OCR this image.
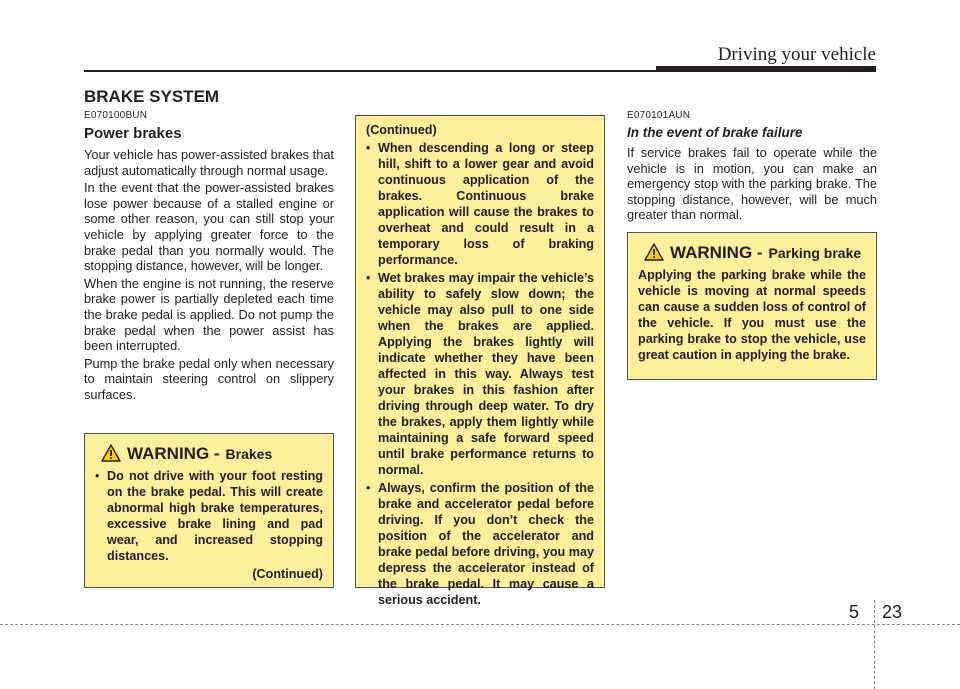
Driving your vehicle
BRAKE SYSTEM
E070100BUN
Power brakes

Your vehicle has power-assisted brakes that adjust automatically through normal usage.

In the event that the power-assisted brakes lose power because of a stalled engine or some other reason, you can still stop your vehicle by applying greater force to the brake pedal than you normally would. The stopping distance, however, will be longer.

When the engine is not running, the reserve brake power is partially depleted each time the brake pedal is applied. Do not pump the brake pedal when the power assist has been interrupted.

Pump the brake pedal only when necessary to maintain steering control on slippery surfaces.

WARNING - Brakes
• Do not drive with your foot resting on the brake pedal. This will create abnormal high brake temperatures, excessive brake lining and pad wear, and increased stopping distances.
(Continued)
(Continued)
• When descending a long or steep hill, shift to a lower gear and avoid continuous application of the brakes. Continuous brake application will cause the brakes to overheat and could result in a temporary loss of braking performance.
• Wet brakes may impair the vehicle’s ability to safely slow down; the vehicle may also pull to one side when the brakes are applied. Applying the brakes lightly will indicate whether they have been affected in this way. Always test your brakes in this fashion after driving through deep water. To dry the brakes, apply them lightly while maintaining a safe forward speed until brake performance returns to normal.
• Always, confirm the position of the brake and accelerator pedal before driving. If you don’t check the position of the accelerator and brake pedal before driving, you may depress the accelerator instead of the brake pedal. It may cause a serious accident.
E070101AUN
In the event of brake failure

If service brakes fail to operate while the vehicle is in motion, you can make an emergency stop with the parking brake. The stopping distance, however, will be much greater than normal.

WARNING - Parking brake
Applying the parking brake while the vehicle is moving at normal speeds can cause a sudden loss of control of the vehicle. If you must use the parking brake to stop the vehicle, use great caution in applying the brake.
5 23
